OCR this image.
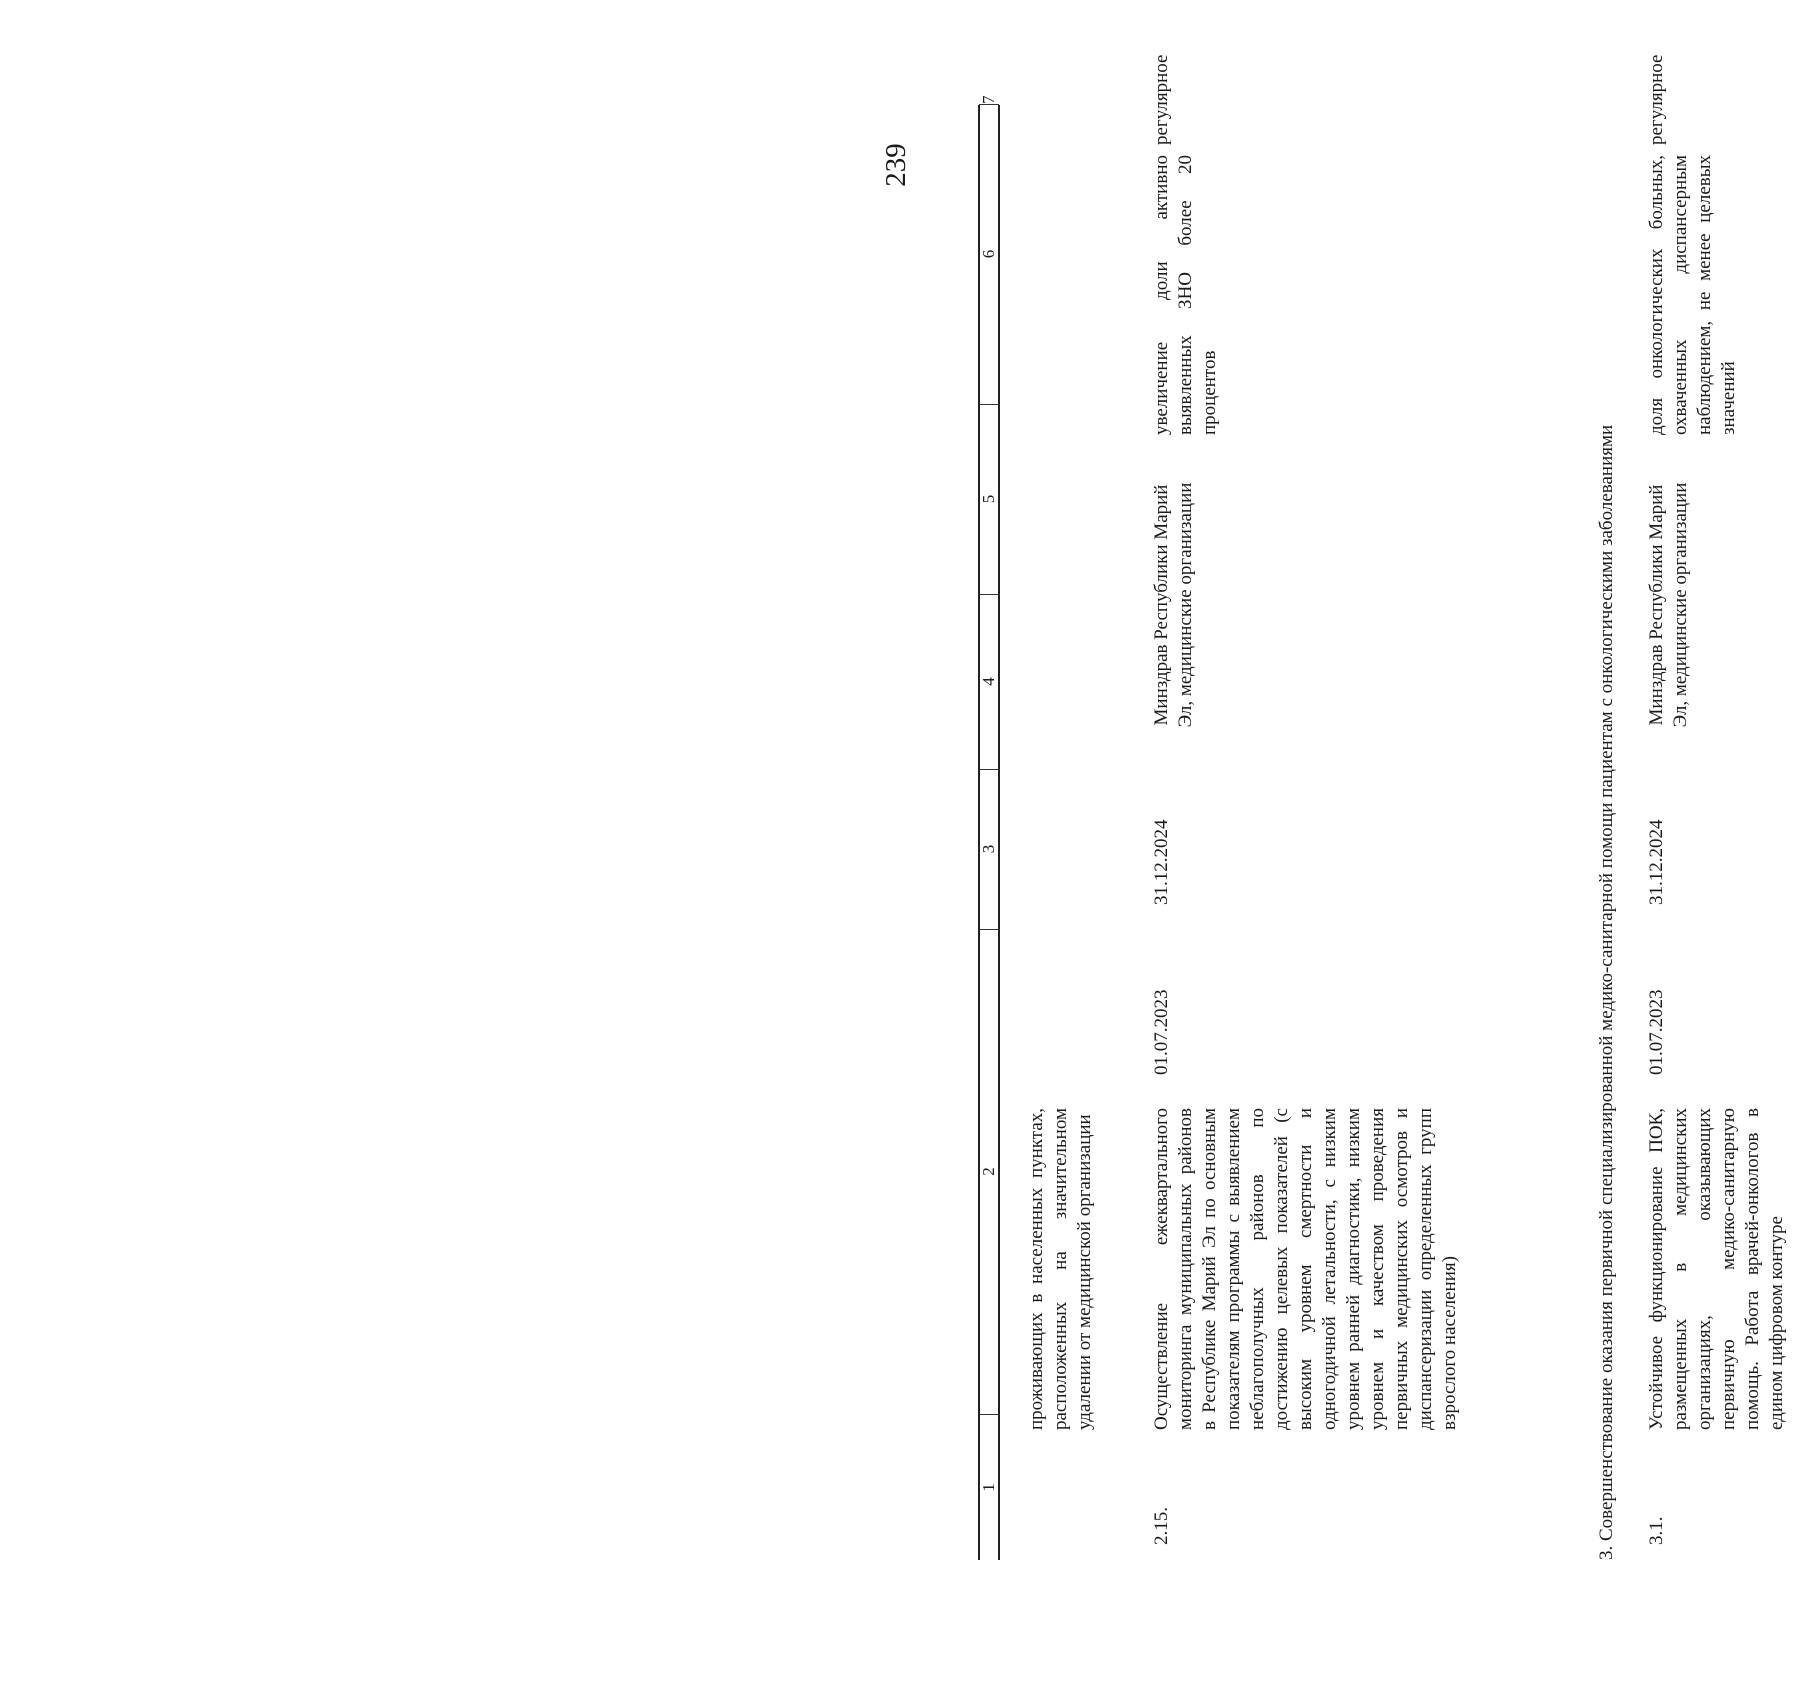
239
1
2
3
4
5
6
7
проживающих в населенных пунктах, расположенных на значительном удалении от медицинской организации
2.15.
Осуществление ежеквартального мониторинга муниципальных районов в Республике Марий Эл по основным показателям программы с выявлением неблагополучных районов по достижению целевых показателей (с высоким уровнем смертности и одногодичной летальности, с низким уровнем ранней диагностики, низким уровнем и качеством проведения первичных медицинских осмотров и диспансеризации определенных групп взрослого населения)
01.07.2023
31.12.2024
Минздрав Республики Марий Эл, медицинские организации
увеличение доли активно выявленных ЗНО более 20 процентов
регулярное
3. Совершенствование оказания первичной специализированной медико-санитарной помощи пациентам с онкологическими заболеваниями 3.1.
Устойчивое функционирование ПОК, размещенных в медицинских организациях, оказывающих первичную медико-санитарную помощь. Работа врачей-онкологов в едином цифровом контуре
01.07.2023
31.12.2024
Минздрав Республики Марий Эл, медицинские организации
доля онкологических больных, охваченных диспансерным наблюдением, не менее целевых значений
регулярное
